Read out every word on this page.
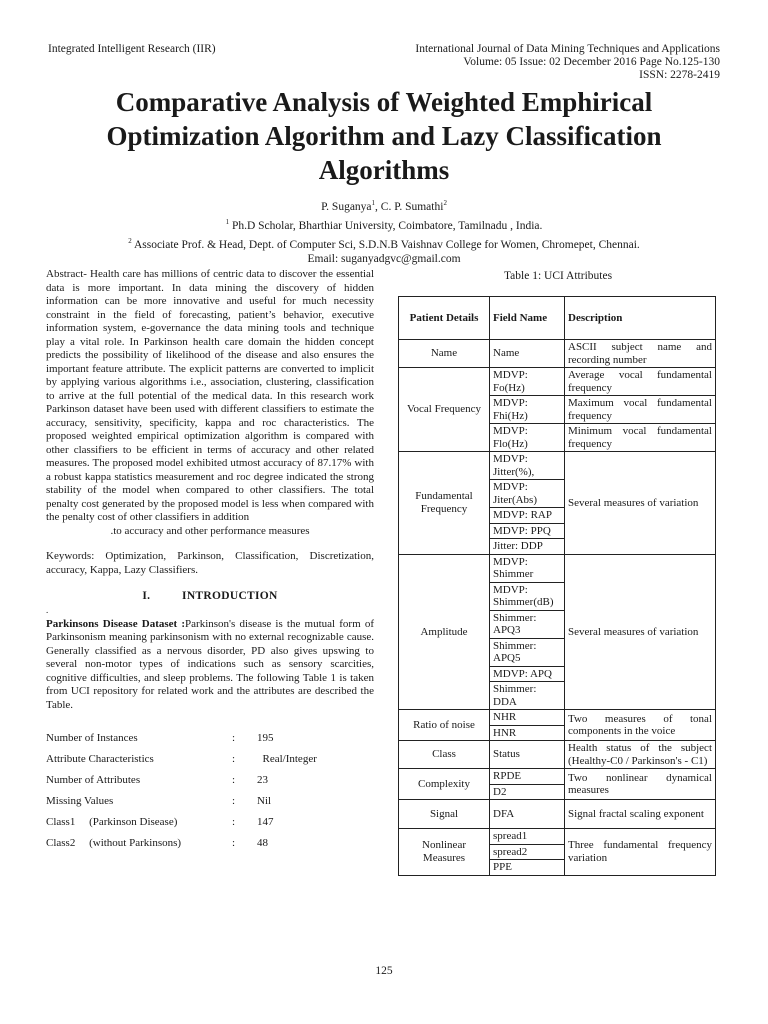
Integrated Intelligent Research (IIR)	International Journal of Data Mining Techniques and Applications
Volume: 05 Issue: 02 December 2016 Page No.125-130
ISSN: 2278-2419
Comparative Analysis of Weighted Emphirical
Optimization Algorithm and Lazy Classification
Algorithms
P. Suganya$^1$, C. P. Sumathi$^2$
$^1$ Ph.D Scholar, Bharthiar University, Coimbatore, Tamilnadu , India.
$^2$ Associate Prof. & Head, Dept. of Computer Sci, S.D.N.B Vaishnav College for Women, Chromepet, Chennai.
Email: suganyadgvc@gmail.com
Abstract- Health care has millions of centric data to discover the essential data is more important. In data mining the discovery of hidden information can be more innovative and useful for much necessity constraint in the field of forecasting, patient’s behavior, executive information system, e-governance the data mining tools and technique play a vital role. In Parkinson health care domain the hidden concept predicts the possibility of likelihood of the disease and also ensures the important feature attribute. The explicit patterns are converted to implicit by applying various algorithms i.e., association, clustering, classification to arrive at the full potential of the medical data. In this research work Parkinson dataset have been used with different classifiers to estimate the accuracy, sensitivity, specificity, kappa and roc characteristics. The proposed weighted empirical optimization algorithm is compared with other classifiers to be efficient in terms of accuracy and other related measures. The proposed model exhibited utmost accuracy of 87.17% with a robust kappa statistics measurement and roc degree indicated the strong stability of the model when compared to other classifiers. The total penalty cost generated by the proposed model is less when compared with the penalty cost of other classifiers in addition
.to accuracy and other performance measures
Keywords: Optimization, Parkinson, Classification, Discretization, accuracy, Kappa, Lazy Classifiers.
I.          INTRODUCTION
.
Parkinsons Disease Dataset :Parkinson's disease is the mutual form of Parkinsonism meaning parkinsonism with no external recognizable cause. Generally classified as a nervous disorder, PD also gives upswing to several non-motor types of indications such as sensory scarcities, cognitive difficulties, and sleep problems. The following Table 1 is taken from UCI repository for related work and the attributes are described the Table.
Number of Instances	:	195
Attribute Characteristics	:	Real/Integer
Number of Attributes	:	23
Missing Values	:	Nil
Class1     (Parkinson Disease)	:	147
Class2     (without Parkinsons)	:	48
Table 1: UCI Attributes
Patient Details	Field Name	Description
Name	Name	ASCII subject name and recording number
Vocal Frequency	MDVP: Fo(Hz)	Average vocal fundamental frequency
	MDVP: Fhi(Hz)	Maximum vocal fundamental frequency
	MDVP: Flo(Hz)	Minimum vocal fundamental frequency
Fundamental Frequency	MDVP: Jitter(%),	Several measures of variation
	MDVP: Jiter(Abs)	
	MDVP: RAP	
	MDVP: PPQ	
	Jitter: DDP	
Amplitude	MDVP: Shimmer	Several measures of variation
	MDVP: Shimmer(dB)	
	Shimmer: APQ3	
	Shimmer: APQ5	
	MDVP: APQ	
	Shimmer: DDA	
Ratio of noise	NHR	Two measures of tonal components in the voice
	HNR	
Class	Status	Health status of the subject (Healthy-C0 / Parkinson's - C1)
Complexity	RPDE	Two nonlinear dynamical measures
	D2	
Signal	DFA	Signal fractal scaling exponent
Nonlinear Measures	spread1	Three fundamental frequency variation
	spread2	
	PPE	
125
